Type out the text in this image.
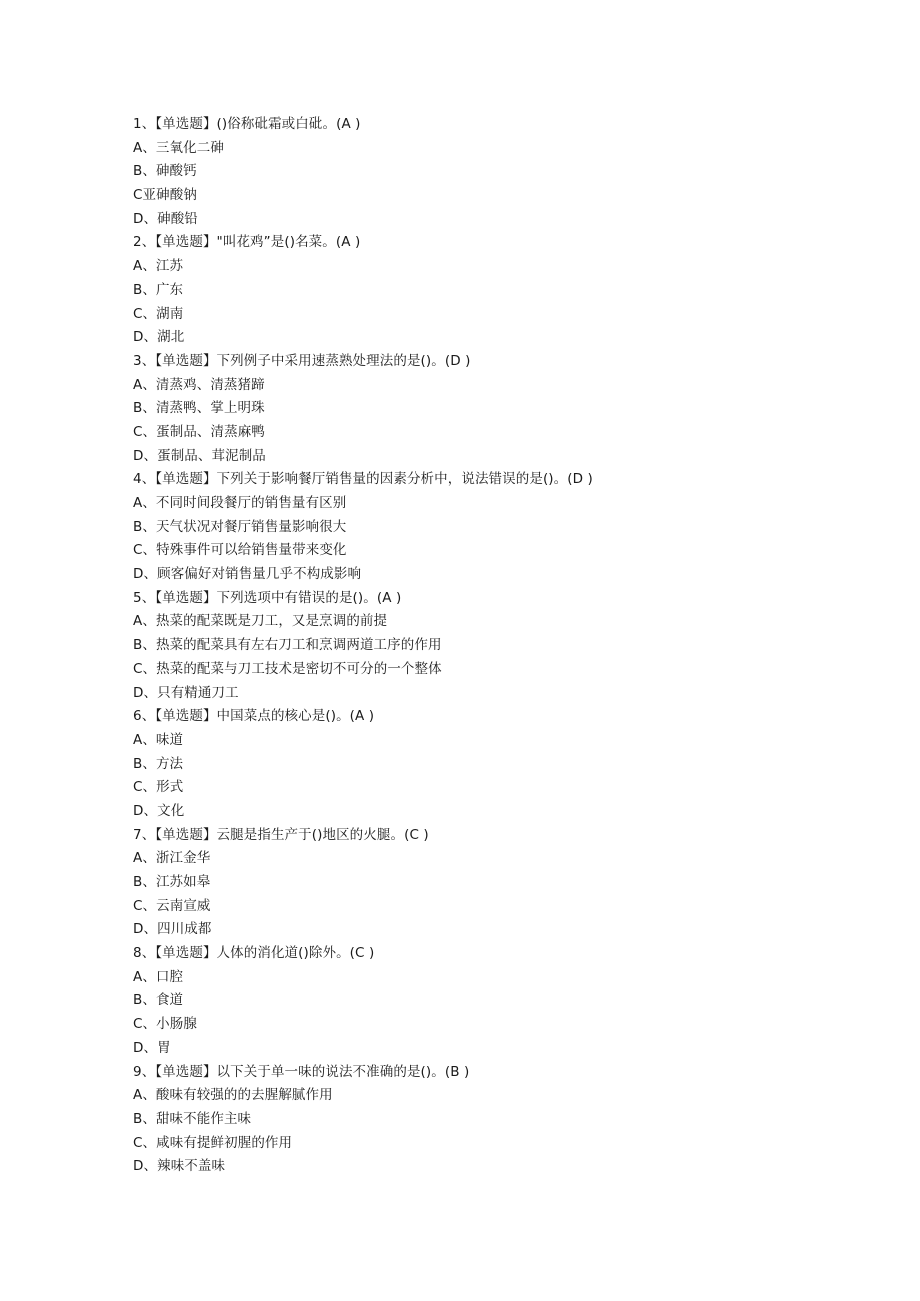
1、【单选题】()俗称砒霜或白砒。(A )
A、三氧化二砷
B、砷酸钙
C亚砷酸钠
D、砷酸铅
2、【单选题】"叫花鸡”是()名菜。(A )
A、江苏
B、广东
C、湖南
D、湖北
3、【单选题】下列例子中采用速蒸熟处理法的是()。(D )
A、清蒸鸡、清蒸猪蹄
B、清蒸鸭、掌上明珠
C、蛋制品、清蒸麻鸭
D、蛋制品、茸泥制品
4、【单选题】下列关于影响餐厅销售量的因素分析中，说法错误的是()。(D )
A、不同时间段餐厅的销售量有区别
B、天气状况对餐厅销售量影响很大
C、特殊事件可以给销售量带来变化
D、顾客偏好对销售量几乎不构成影响
5、【单选题】下列选项中有错误的是()。(A )
A、热菜的配菜既是刀工，又是烹调的前提
B、热菜的配菜具有左右刀工和烹调两道工序的作用
C、热菜的配菜与刀工技术是密切不可分的一个整体
D、只有精通刀工
6、【单选题】中国菜点的核心是()。(A )
A、味道
B、方法
C、形式
D、文化
7、【单选题】云腿是指生产于()地区的火腿。(C )
A、浙江金华
B、江苏如皋
C、云南宣威
D、四川成都
8、【单选题】人体的消化道()除外。(C )
A、口腔
B、食道
C、小肠腺
D、胃
9、【单选题】以下关于单一味的说法不准确的是()。(B )
A、酸味有较强的的去腥解腻作用
B、甜味不能作主味
C、咸味有提鲜初腥的作用
D、辣味不盖味
